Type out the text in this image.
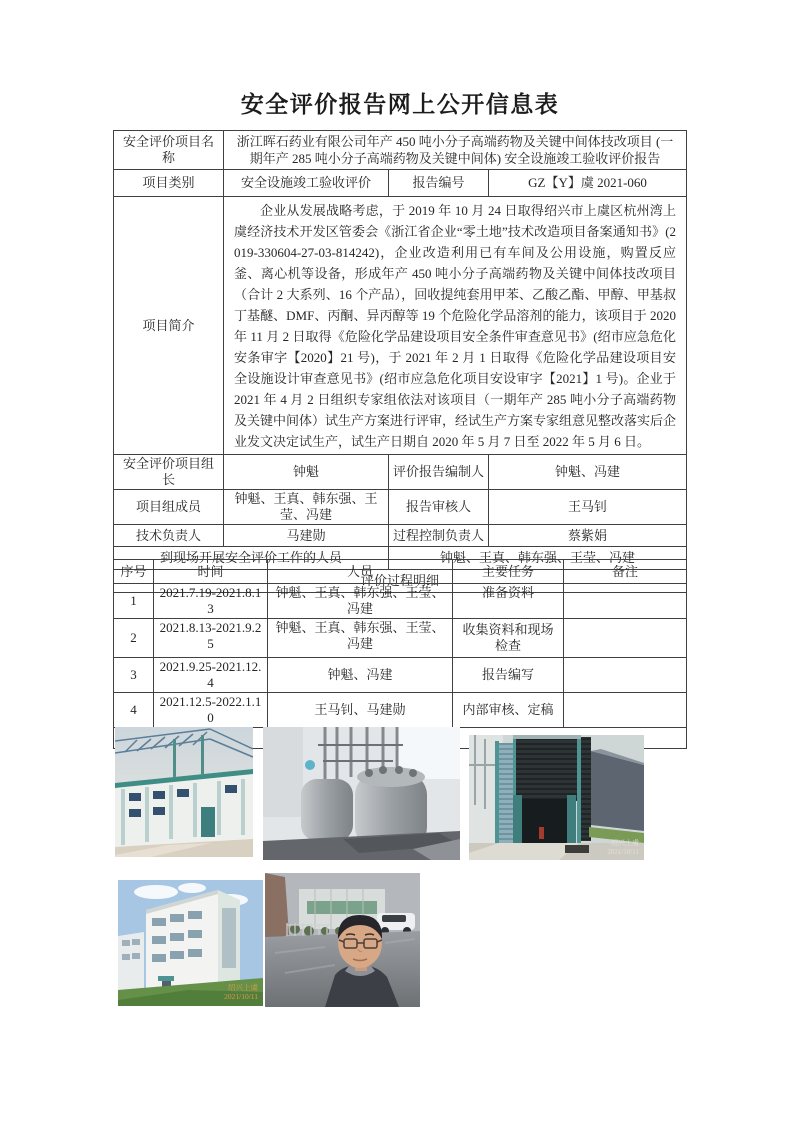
安全评价报告网上公开信息表
安全评价项目名称	浙江晖石药业有限公司年产 450 吨小分子高端药物及关键中间体技改项目 (一期年产 285 吨小分子高端药物及关键中间体) 安全设施竣工验收评价报告		
项目类别	安全设施竣工验收评价	报告编号	GZ【Y】虞 2021-060
项目简介	企业从发展战略考虑，于 2019 年 10 月 24 日取得绍兴市上虞区杭州湾上虞经济技术开发区管委会《浙江省企业“零土地”技术改造项目备案通知书》(2019-330604-27-03-814242)，企业改造利用已有车间及公用设施，购置反应釜、离心机等设备，形成年产 450 吨小分子高端药物及关键中间体技改项目（合计 2 大系列、16 个产品），回收提纯套用甲苯、乙酸乙酯、甲醇、甲基叔丁基醚、DMF、丙酮、异丙醇等 19 个危险化学品溶剂的能力，该项目于 2020 年 11 月 2 日取得《危险化学品建设项目安全条件审查意见书》(绍市应急危化安条审字【2020】21 号)，于 2021 年 2 月 1 日取得《危险化学品建设项目安全设施设计审查意见书》(绍市应急危化项目安设审字【2021】1 号)。企业于 2021 年 4 月 2 日组织专家组依法对该项目（一期年产 285 吨小分子高端药物及关键中间体）试生产方案进行评审，经试生产方案专家组意见整改落实后企业发文决定试生产，试生产日期自 2020 年 5 月 7 日至 2022 年 5 月 6 日。		
安全评价项目组长	钟魁	评价报告编制人	钟魁、冯建
项目组成员	钟魁、王真、韩东强、王莹、冯建	报告审核人	王马钊
技术负责人	马建勋	过程控制负责人	蔡紫娟
到现场开展安全评价工作的人员		钟魁、王真、韩东强、王莹、冯建	
评价过程明细			
序号	时间	人员	主要任务	备注
1	2021.7.19-2021.8.13	钟魁、王真、韩东强、王莹、冯建	准备资料	
2	2021.8.13-2021.9.25	钟魁、王真、韩东强、王莹、冯建	收集资料和现场检查	
3	2021.9.25-2021.12.4	钟魁、冯建	报告编写	
4	2021.12.5-2022.1.10	王马钊、马建勋	内部审核、定稿	

绍兴上虞
2021/10/11
绍兴上虞
2021/10/11
